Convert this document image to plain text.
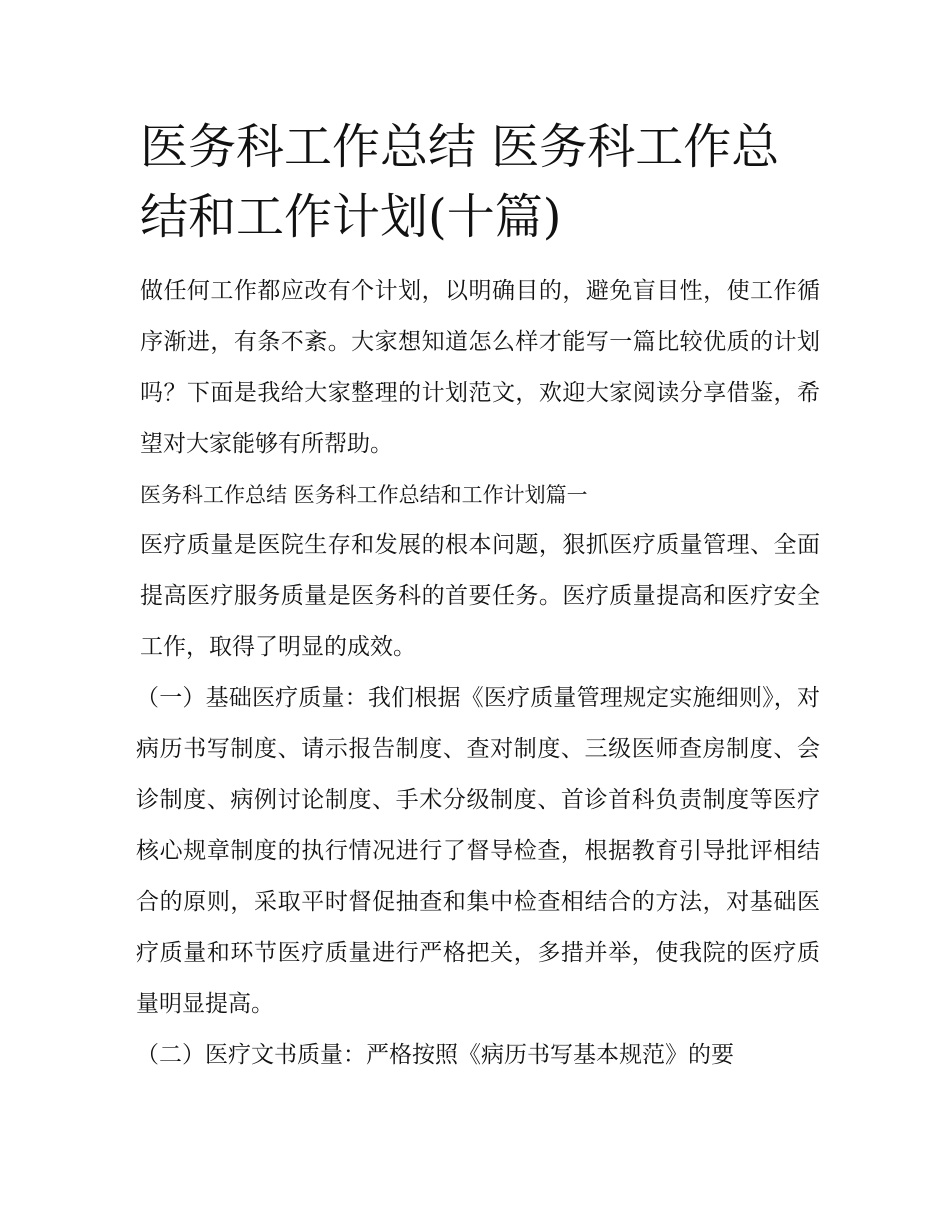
医务科工作总结 医务科工作总结和工作计划(十篇)

做任何工作都应改有个计划，以明确目的，避免盲目性，使工作循序渐进，有条不紊。大家想知道怎么样才能写一篇比较优质的计划吗？下面是我给大家整理的计划范文，欢迎大家阅读分享借鉴，希望对大家能够有所帮助。

医务科工作总结 医务科工作总结和工作计划篇一

医疗质量是医院生存和发展的根本问题，狠抓医疗质量管理、全面提高医疗服务质量是医务科的首要任务。医疗质量提高和医疗安全工作，取得了明显的成效。

（一）基础医疗质量：我们根据《医疗质量管理规定实施细则》，对病历书写制度、请示报告制度、查对制度、三级医师查房制度、会诊制度、病例讨论制度、手术分级制度、首诊首科负责制度等医疗核心规章制度的执行情况进行了督导检查，根据教育引导批评相结合的原则，采取平时督促抽查和集中检查相结合的方法，对基础医疗质量和环节医疗质量进行严格把关，多措并举，使我院的医疗质量明显提高。

（二）医疗文书质量：严格按照《病历书写基本规范》的要
